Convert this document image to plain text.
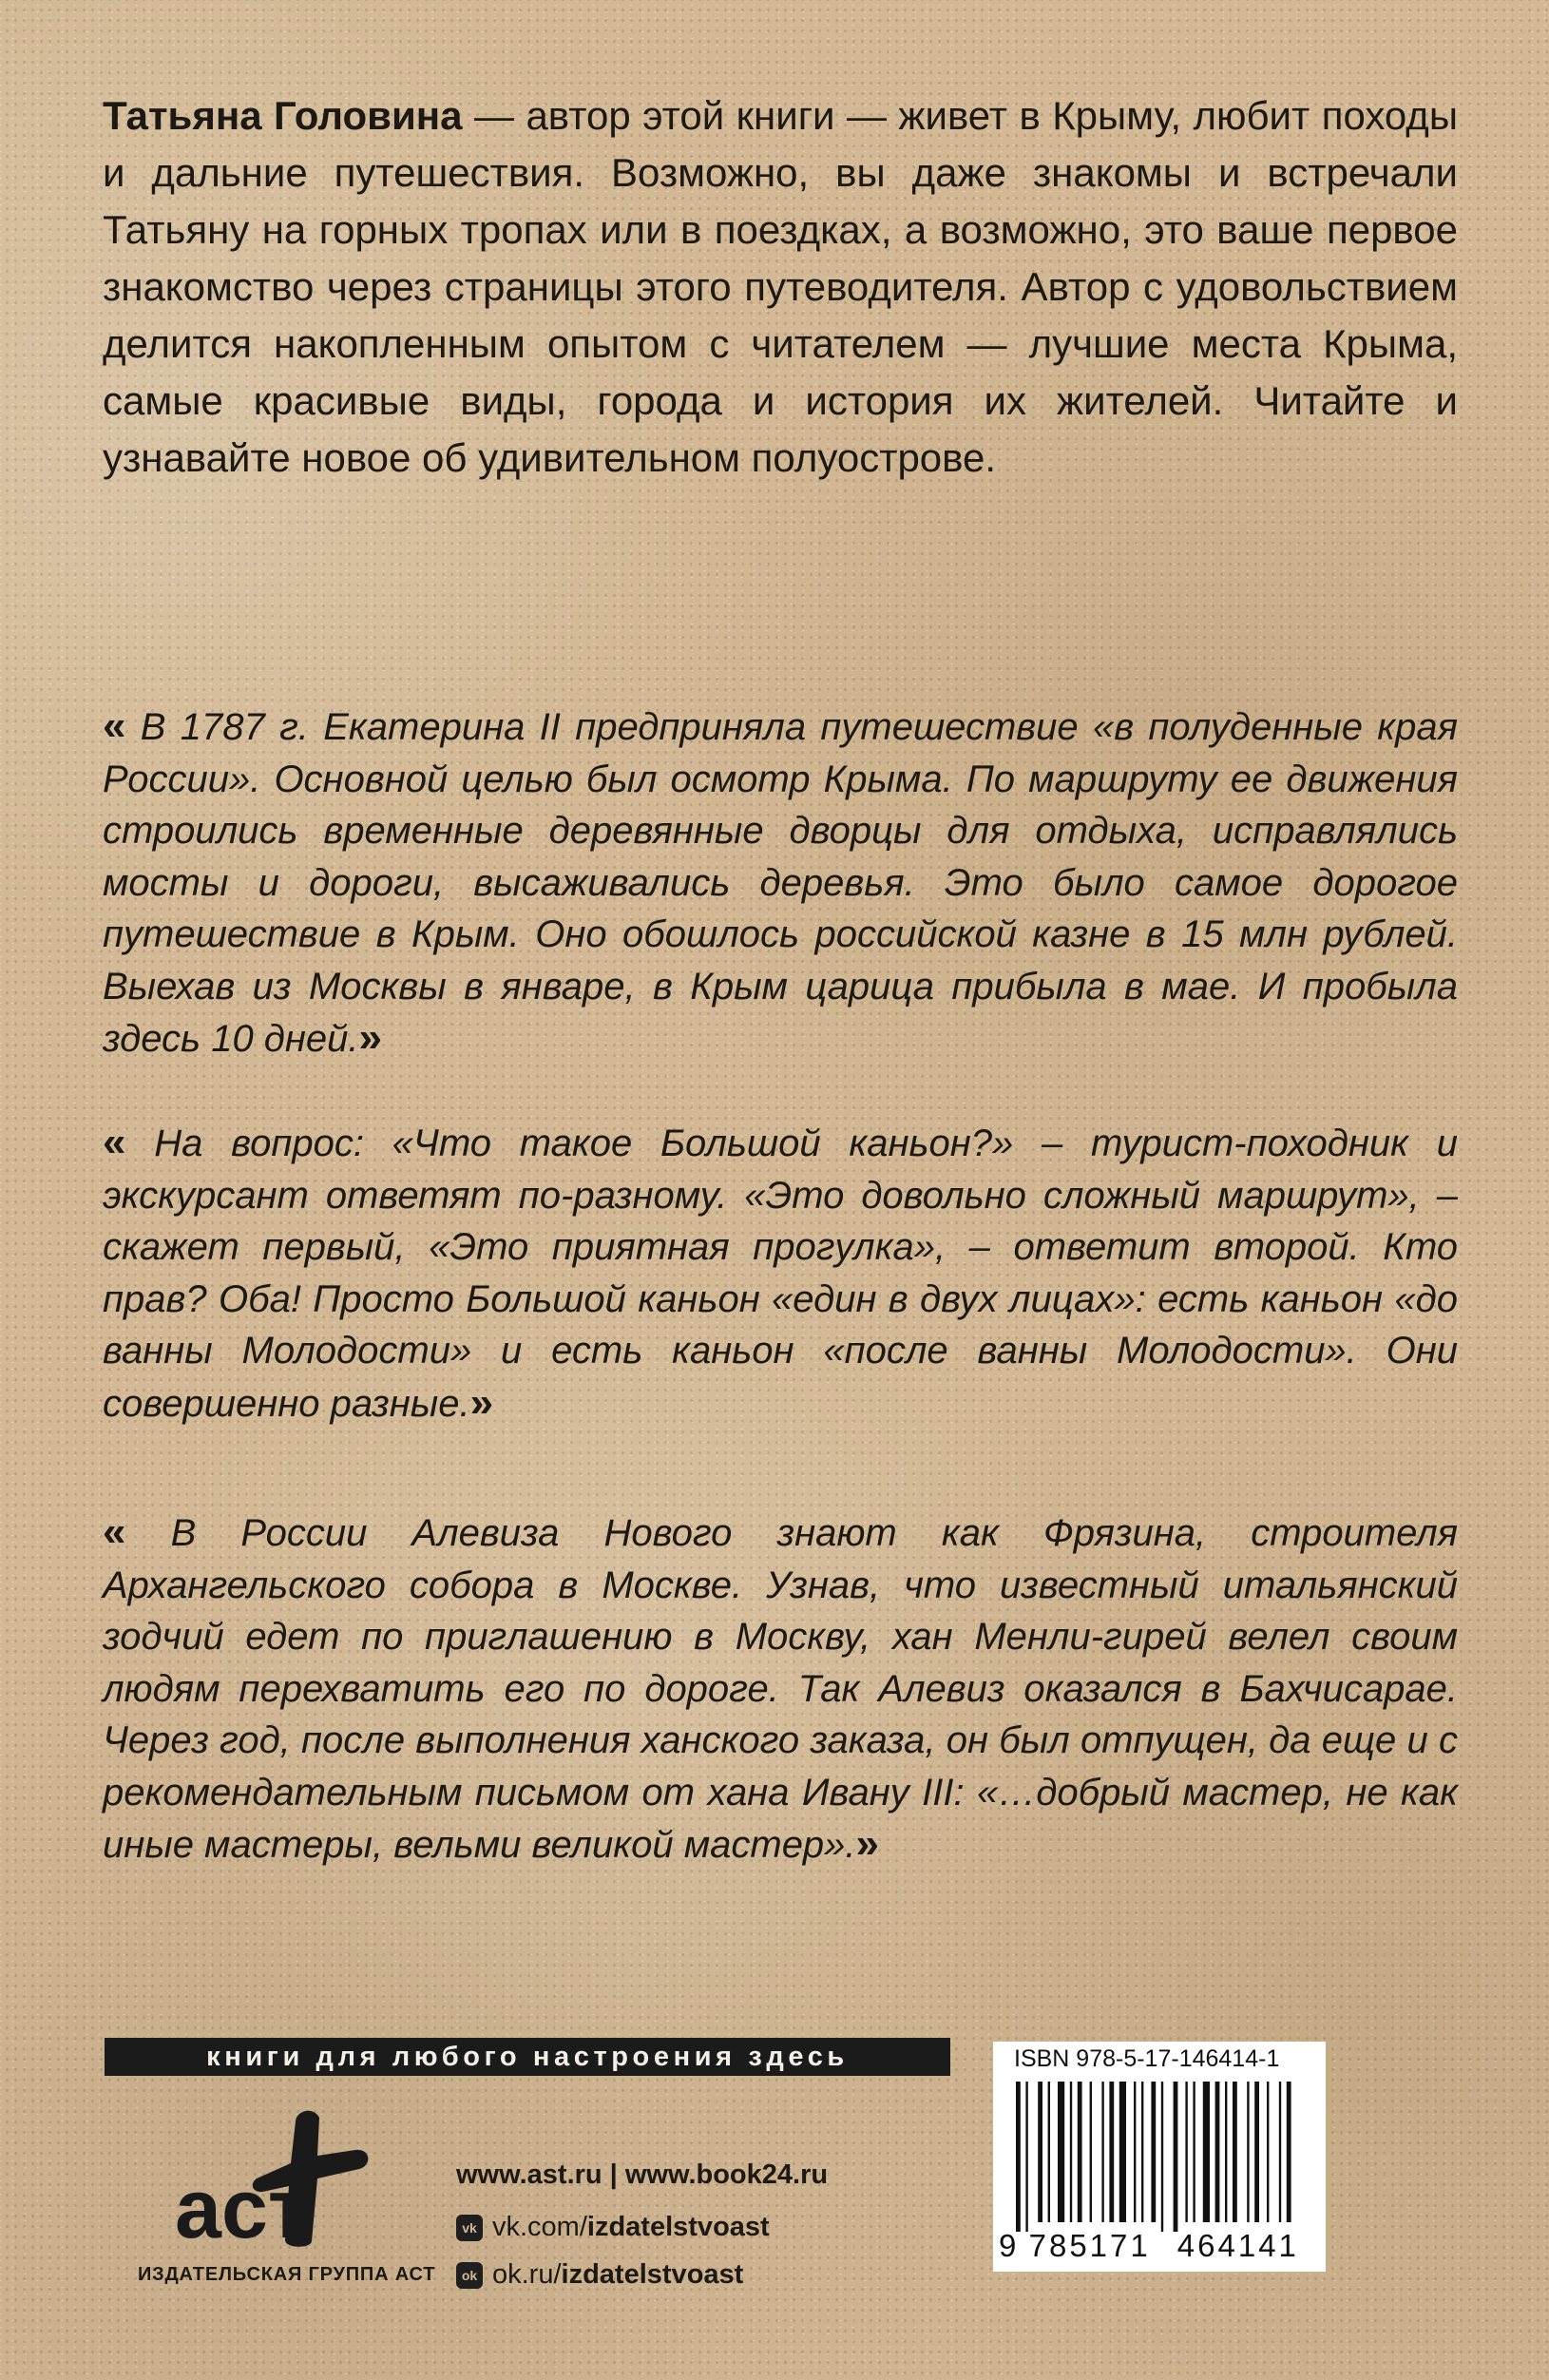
Татьяна Головина — автор этой книги — живет в Крыму, любит походы и дальние путешествия. Возможно, вы даже знакомы и встречали Татьяну на горных тропах или в поездках, а возможно, это ваше первое знакомство через страницы этого путеводителя. Автор с удовольствием делится накопленным опытом с читателем — лучшие места Крыма, самые красивые виды, города и история их жителей. Читайте и узнавайте новое об удивительном полуострове.

« В 1787 г. Екатерина II предприняла путешествие «в полуденные края России». Основной целью был осмотр Крыма. По маршруту ее движения строились временные деревянные дворцы для отдыха, исправлялись мосты и дороги, высаживались деревья. Это было самое дорогое путешествие в Крым. Оно обошлось российской казне в 15 млн рублей. Выехав из Москвы в январе, в Крым царица прибыла в мае. И пробыла здесь 10 дней.»

« На вопрос: «Что такое Большой каньон?» – турист-походник и экскурсант ответят по-разному. «Это довольно сложный маршрут», – скажет первый, «Это приятная прогулка», – ответит второй. Кто прав? Оба! Просто Большой каньон «един в двух лицах»: есть каньон «до ванны Молодости» и есть каньон «после ванны Молодости». Они совершенно разные.»

« В России Алевиза Нового знают как Фрязина, строителя Архангельского собора в Москве. Узнав, что известный итальянский зодчий едет по приглашению в Москву, хан Менли-гирей велел своим людям перехватить его по дороге. Так Алевиз оказался в Бахчисарае. Через год, после выполнения ханского заказа, он был отпущен, да еще и с рекомендательным письмом от хана Ивану III: «…добрый мастер, не как иные мастеры, вельми великой мастер».»

книги для любого настроения здесь
аст
ИЗДАТЕЛЬСКАЯ ГРУППА АСТ
www.ast.ru | www.book24.ru
vk vk.com/ izdatelstvoast
ok ok.ru/ izdatelstvoast
ISBN 978-5-17-146414-1
9 785171 464141
